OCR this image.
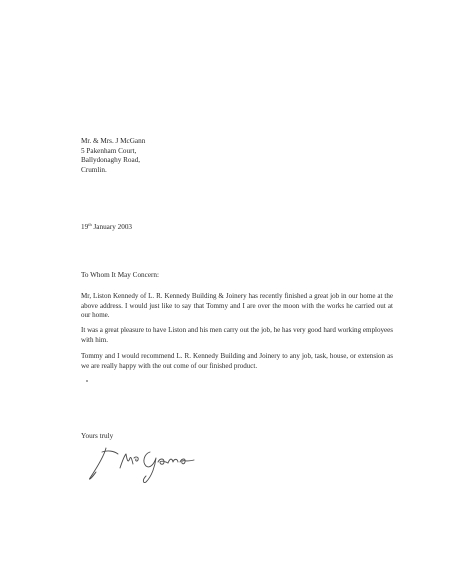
Mr. & Mrs. J McGann
5 Pakenham Court,
Ballydonaghy Road,
Crumlin.
19th January 2003
To Whom It May Concern:
Mr, Liston Kennedy of L. R. Kennedy Building & Joinery has recently finished a great job in our home at the above address. I would just like to say that Tommy and I are over the moon with the works he carried out at our home.
It was a great pleasure to have Liston and his men carry out the job, he has very good hard working employees with him.
Tommy and I would recommend L. R. Kennedy Building and Joinery to any job, task, house, or extension as we are really happy with the out come of our finished product.
Yours truly
